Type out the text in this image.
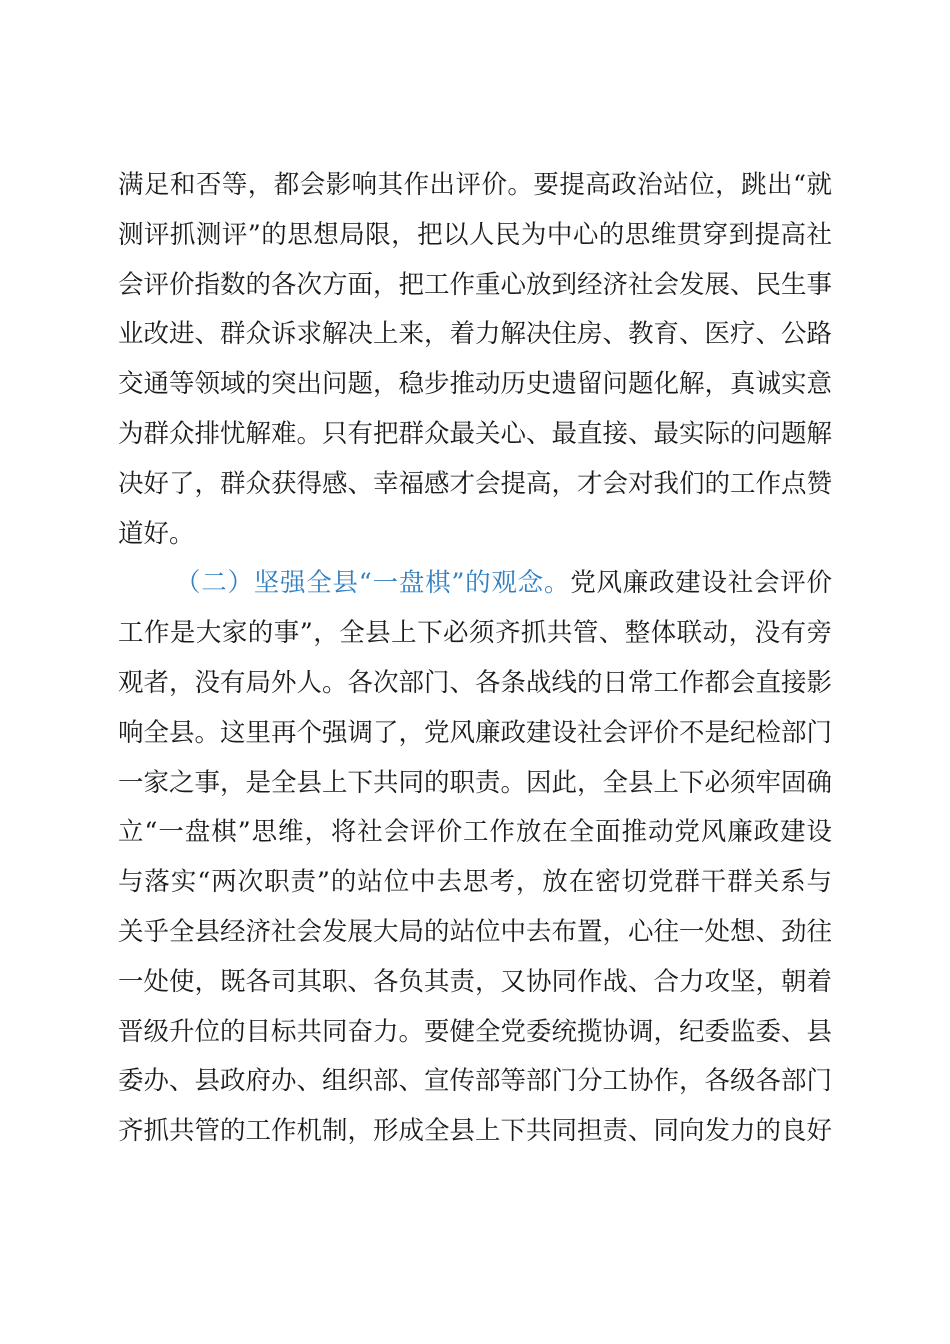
满足和否等，都会影响其作出评价。要提高政治站位，跳出“就
测评抓测评”的思想局限，把以人民为中心的思维贯穿到提高社
会评价指数的各次方面，把工作重心放到经济社会发展、民生事
业改进、群众诉求解决上来，着力解决住房、教育、医疗、公路
交通等领域的突出问题，稳步推动历史遗留问题化解，真诚实意
为群众排忧解难。只有把群众最关心、最直接、最实际的问题解
决好了，群众获得感、幸福感才会提高，才会对我们的工作点赞
道好。
（二）坚强全县“一盘棋”的观念。党风廉政建设社会评价
工作是大家的事”，全县上下必须齐抓共管、整体联动，没有旁
观者，没有局外人。各次部门、各条战线的日常工作都会直接影
响全县。这里再个强调了，党风廉政建设社会评价不是纪检部门
一家之事，是全县上下共同的职责。因此，全县上下必须牢固确
立“一盘棋”思维，将社会评价工作放在全面推动党风廉政建设
与落实“两次职责”的站位中去思考，放在密切党群干群关系与
关乎全县经济社会发展大局的站位中去布置，心往一处想、劲往
一处使，既各司其职、各负其责，又协同作战、合力攻坚，朝着
晋级升位的目标共同奋力。要健全党委统揽协调，纪委监委、县
委办、县政府办、组织部、宣传部等部门分工协作，各级各部门
齐抓共管的工作机制，形成全县上下共同担责、同向发力的良好
